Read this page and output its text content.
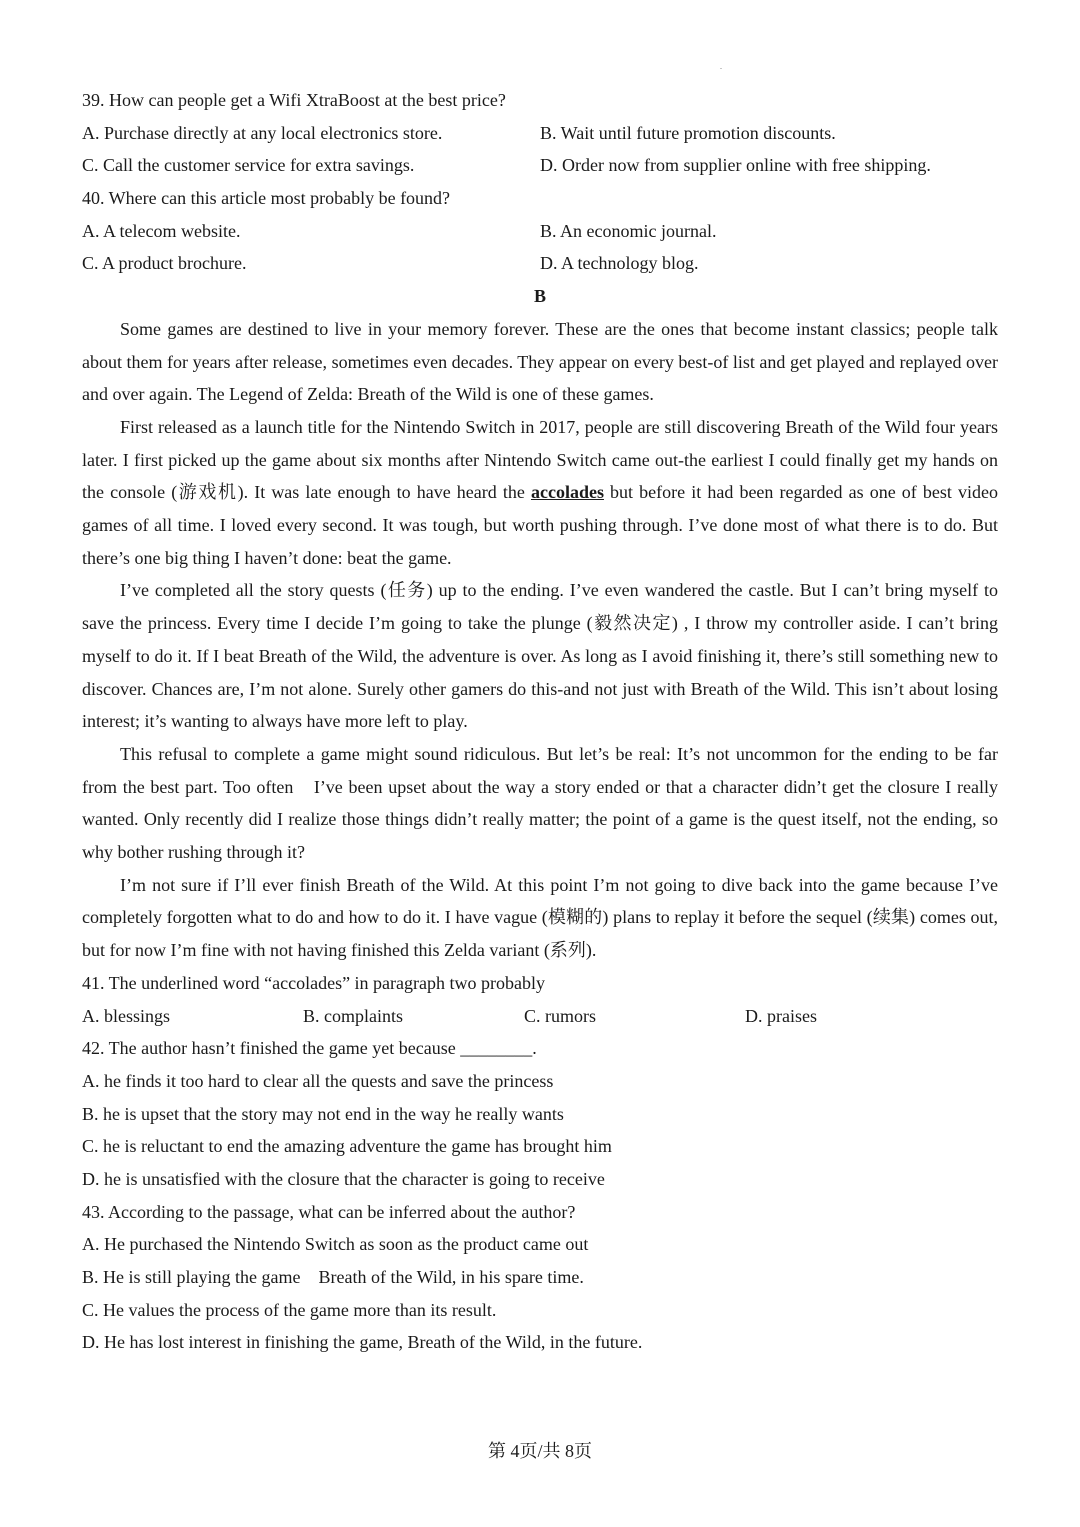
39. How can people get a Wifi XtraBoost at the best price?
A. Purchase directly at any local electronics store.	B. Wait until future promotion discounts.
C. Call the customer service for extra savings.	D. Order now from supplier online with free shipping.
40. Where can this article most probably be found?
A. A telecom website.	B. An economic journal.
C. A product brochure.	D. A technology blog.
B

Some games are destined to live in your memory forever. These are the ones that become instant classics; people talk about them for years after release, sometimes even decades. They appear on every best-of list and get played and replayed over and over again. The Legend of Zelda: Breath of the Wild is one of these games.

First released as a launch title for the Nintendo Switch in 2017, people are still discovering Breath of the Wild four years later. I first picked up the game about six months after Nintendo Switch came out-the earliest I could finally get my hands on the console (游戏机). It was late enough to have heard the accolades but before it had been regarded as one of best video games of all time. I loved every second. It was tough, but worth pushing through. I’ve done most of what there is to do. But there’s one big thing I haven’t done: beat the game.

I’ve completed all the story quests (任务) up to the ending. I’ve even wandered the castle. But I can’t bring myself to save the princess. Every time I decide I’m going to take the plunge (毅然决定) , I throw my controller aside. I can’t bring myself to do it. If I beat Breath of the Wild, the adventure is over. As long as I avoid finishing it, there’s still something new to discover. Chances are, I’m not alone. Surely other gamers do this-and not just with Breath of the Wild. This isn’t about losing interest; it’s wanting to always have more left to play.

This refusal to complete a game might sound ridiculous. But let’s be real: It’s not uncommon for the ending to be far from the best part. Too often　I’ve been upset about the way a story ended or that a character didn’t get the closure I really wanted. Only recently did I realize those things didn’t really matter; the point of a game is the quest itself, not the ending, so why bother rushing through it?

I’m not sure if I’ll ever finish Breath of the Wild. At this point I’m not going to dive back into the game because I’ve completely forgotten what to do and how to do it. I have vague (模糊的) plans to replay it before the sequel (续集) comes out, but for now I’m fine with not having finished this Zelda variant (系列).

41. The underlined word “accolades” in paragraph two probably
A. blessings	B. complaints	C. rumors	D. praises
42. The author hasn’t finished the game yet because ________.
A. he finds it too hard to clear all the quests and save the princess
B. he is upset that the story may not end in the way he really wants
C. he is reluctant to end the amazing adventure the game has brought him
D. he is unsatisfied with the closure that the character is going to receive
43. According to the passage, what can be inferred about the author?
A. He purchased the Nintendo Switch as soon as the product came out
B. He is still playing the game　Breath of the Wild, in his spare time.
C. He values the process of the game more than its result.
D. He has lost interest in finishing the game, Breath of the Wild, in the future.
第 4页/共 8页
